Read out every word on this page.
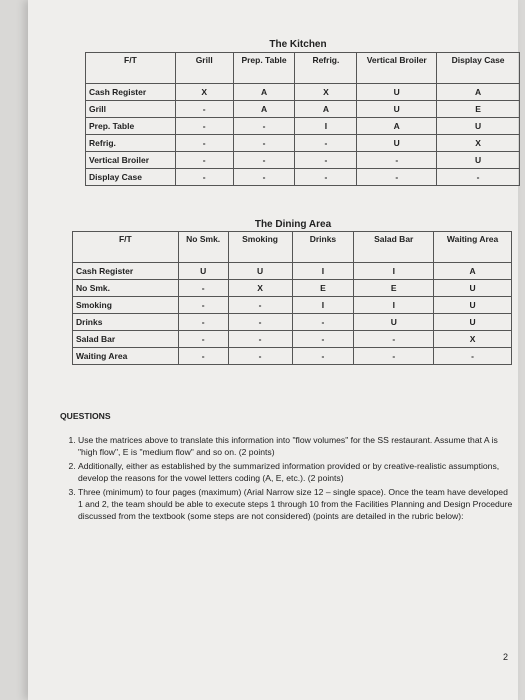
The Kitchen
F/T	Grill	Prep. Table	Refrig.	Vertical Broiler	Display Case
Cash Register	X	A	X	U	A
Grill	-	A	A	U	E
Prep. Table	-	-	I	A	U
Refrig.	-	-	-	U	X
Vertical Broiler	-	-	-	-	U
Display Case	-	-	-	-	-
The Dining Area
F/T	No Smk.	Smoking	Drinks	Salad Bar	Waiting Area
Cash Register	U	U	I	I	A
No Smk.	-	X	E	E	U
Smoking	-	-	I	I	U
Drinks	-	-	-	U	U
Salad Bar	-	-	-	-	X
Waiting Area	-	-	-	-	-
QUESTIONS
1. Use the matrices above to translate this information into "flow volumes" for the SS restaurant. Assume that A is "high flow", E is "medium flow" and so on. (2 points)
2. Additionally, either as established by the summarized information provided or by creative-realistic assumptions, develop the reasons for the vowel letters coding (A, E, etc.). (2 points)
3. Three (minimum) to four pages (maximum) (Arial Narrow size 12 – single space). Once the team have developed 1 and 2, the team should be able to execute steps 1 through 10 from the Facilities Planning and Design Procedure discussed from the textbook (some steps are not considered) (points are detailed in the rubric below):
2
